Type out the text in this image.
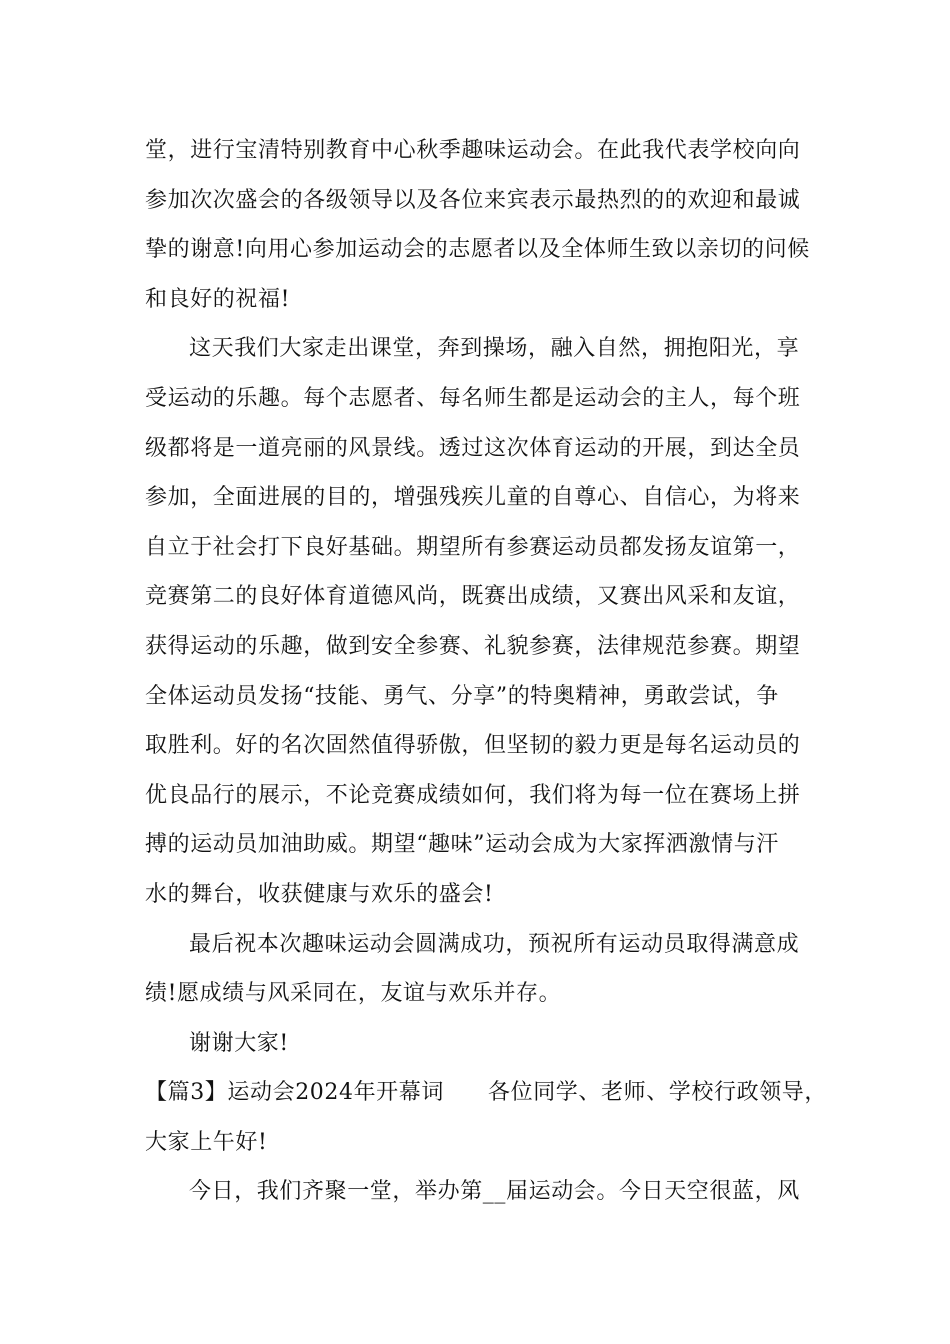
堂，进行宝清特别教育中心秋季趣味运动会。在此我代表学校向向
参加次次盛会的各级领导以及各位来宾表示最热烈的的欢迎和最诚
挚的谢意!向用心参加运动会的志愿者以及全体师生致以亲切的问候
和良好的祝福!
这天我们大家走出课堂，奔到操场，融入自然，拥抱阳光，享
受运动的乐趣。每个志愿者、每名师生都是运动会的主人，每个班
级都将是一道亮丽的风景线。透过这次体育运动的开展，到达全员
参加，全面进展的目的，增强残疾儿童的自尊心、自信心，为将来
自立于社会打下良好基础。期望所有参赛运动员都发扬友谊第一，
竞赛第二的良好体育道德风尚，既赛出成绩，又赛出风采和友谊，
获得运动的乐趣，做到安全参赛、礼貌参赛，法律规范参赛。期望
全体运动员发扬“技能、勇气、分享”的特奥精神，勇敢尝试，争
取胜利。好的名次固然值得骄傲，但坚韧的毅力更是每名运动员的
优良品行的展示，不论竞赛成绩如何，我们将为每一位在赛场上拼
搏的运动员加油助威。期望“趣味”运动会成为大家挥洒激情与汗
水的舞台，收获健康与欢乐的盛会!
最后祝本次趣味运动会圆满成功，预祝所有运动员取得满意成
绩!愿成绩与风采同在，友谊与欢乐并存。
谢谢大家!
【篇3】运动会2024年开幕词 各位同学、老师、学校行政领导，
大家上午好!
今日，我们齐聚一堂，举办第__届运动会。今日天空很蓝，风
